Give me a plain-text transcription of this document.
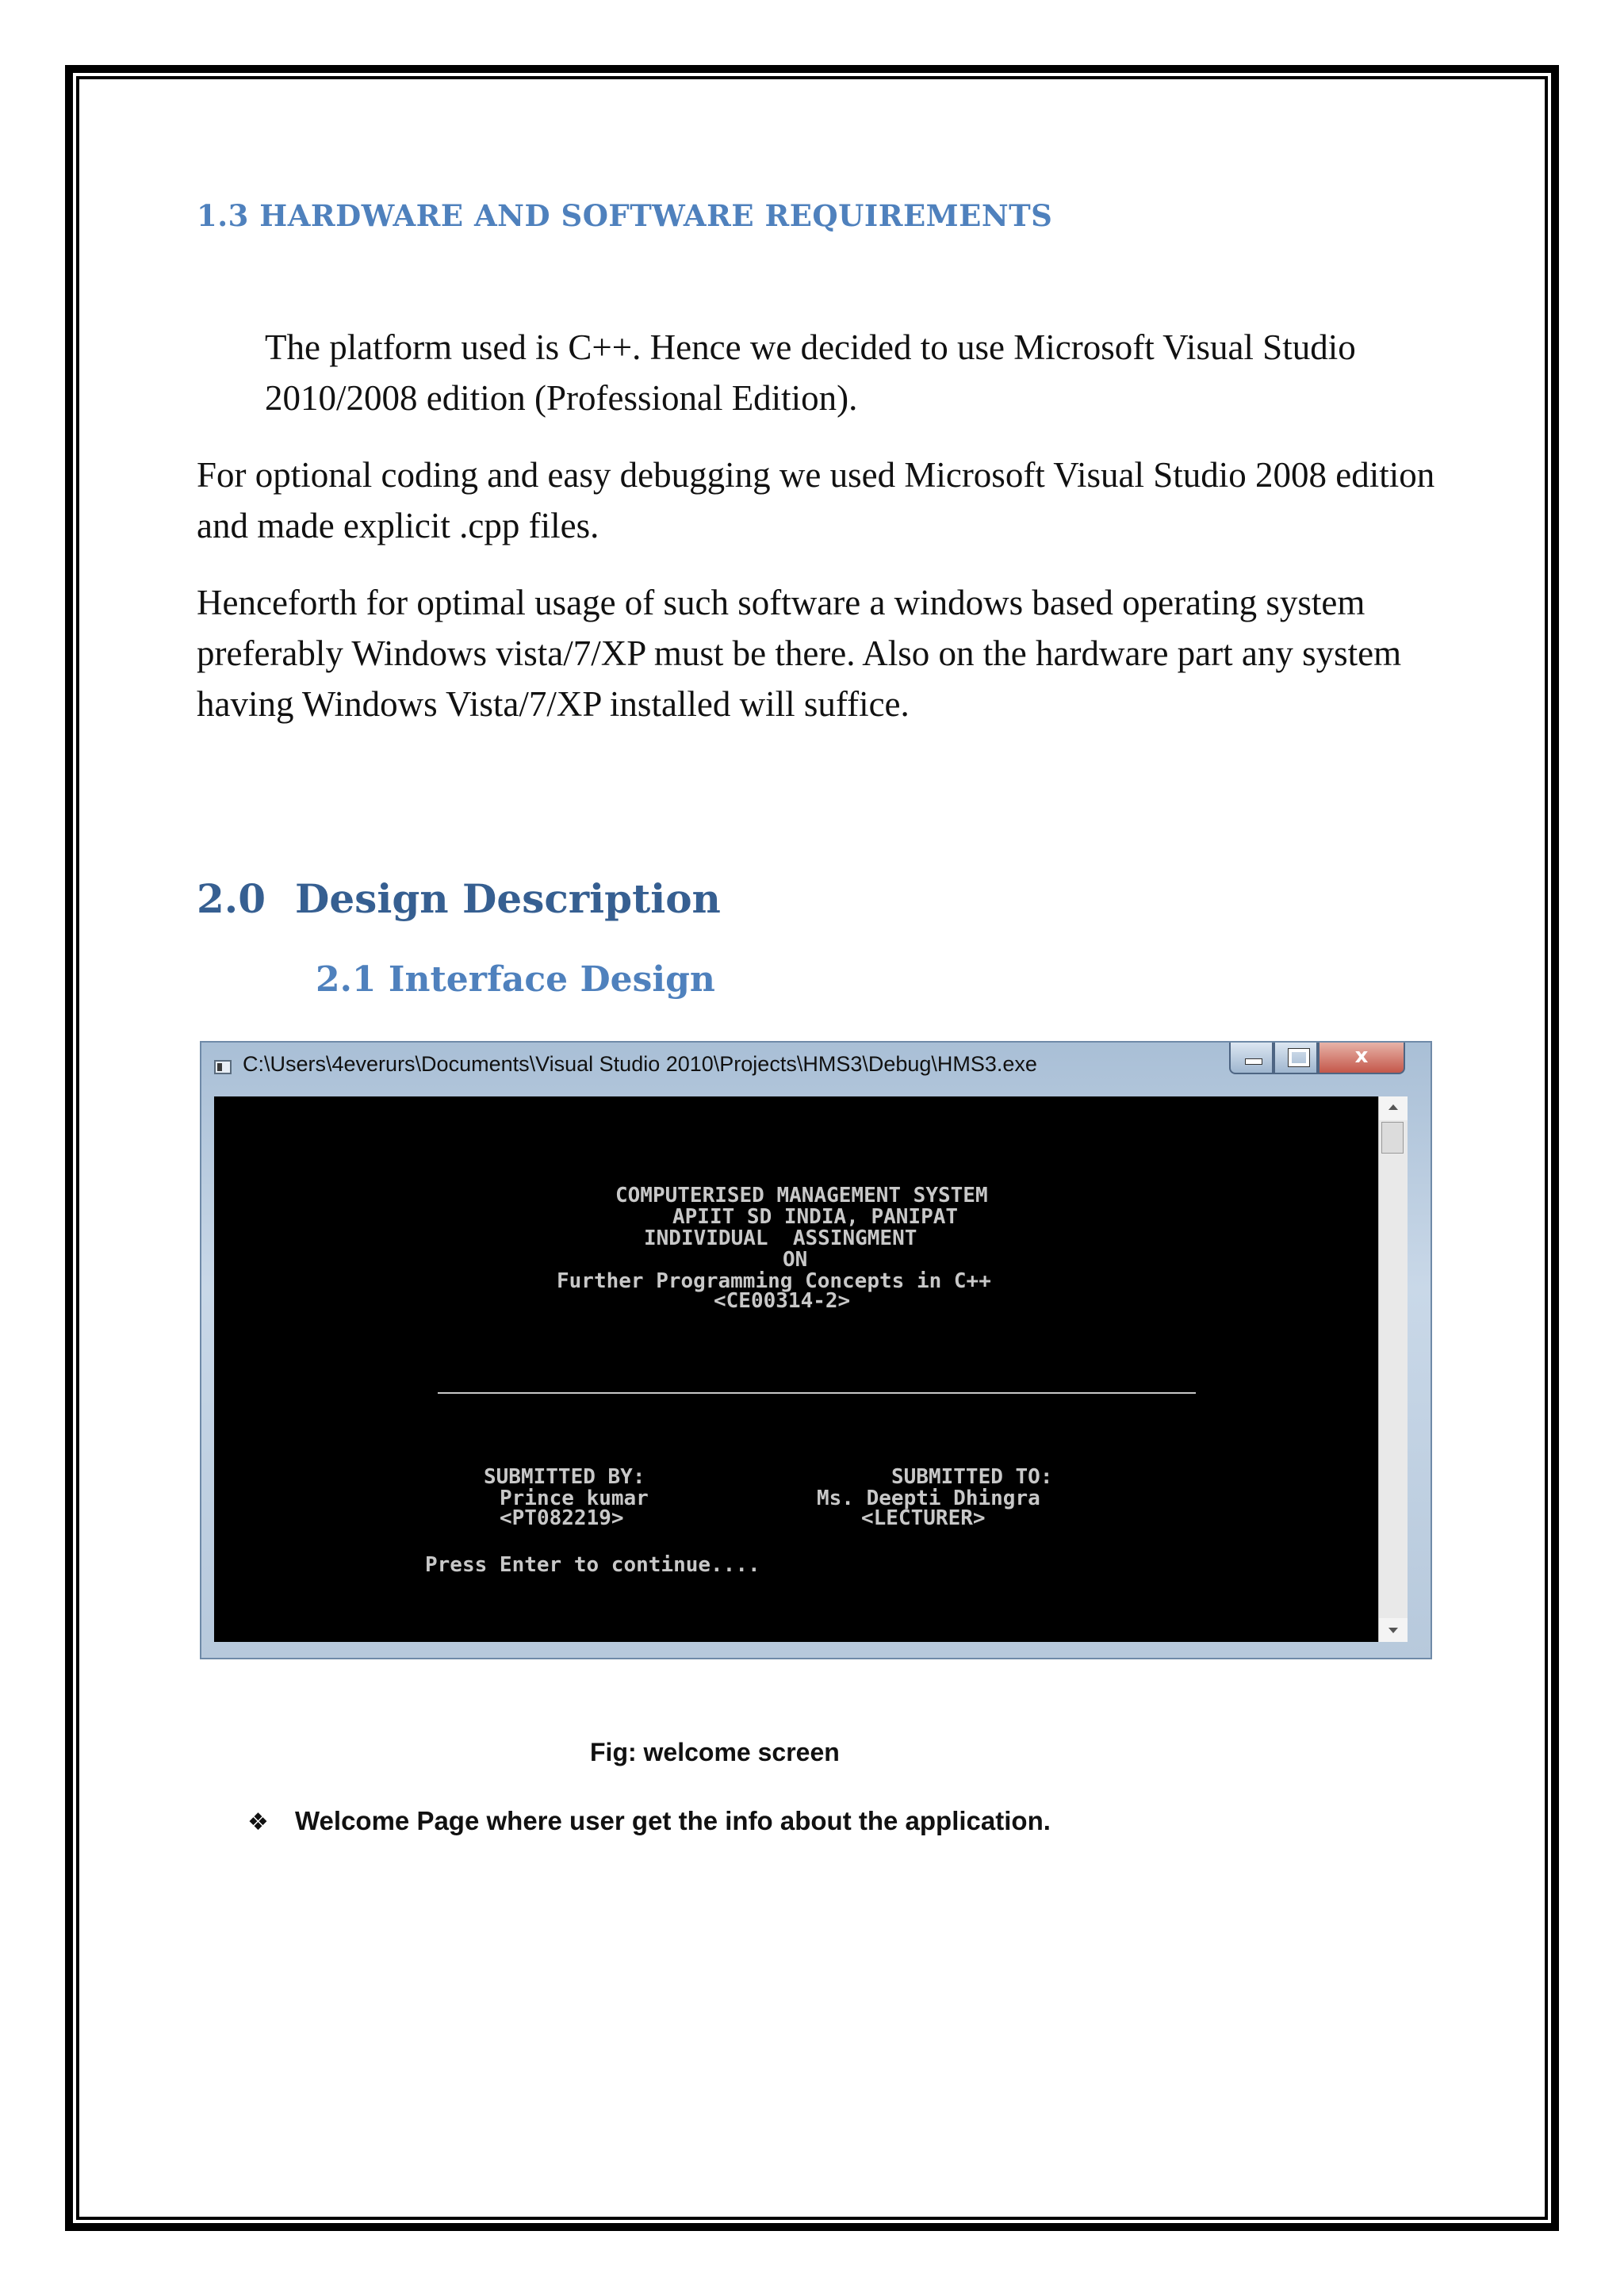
1.3 HARDWARE AND SOFTWARE REQUIREMENTS

The platform used is C++. Hence we decided to use Microsoft Visual Studio 2010/2008 edition (Professional Edition).

For optional coding and easy debugging we used Microsoft Visual Studio 2008 edition and made explicit .cpp files.

Henceforth for optimal usage of such software a windows based operating system preferably Windows vista/7/XP must be there. Also on the hardware part any system having Windows Vista/7/XP installed will suffice.

2.0 Design Description
2.1 Interface Design
C:\Users\4everurs\Documents\Visual Studio 2010\Projects\HMS3\Debug\HMS3.exe	x
COMPUTERISED MANAGEMENT SYSTEM
APIIT SD INDIA, PANIPAT
INDIVIDUAL  ASSINGMENT
ON
Further Programming Concepts in C++
<CE00314-2>
SUBMITTED BY:
Prince kumar
<PT082219>
SUBMITTED TO:
Ms. Deepti Dhingra
<LECTURER>
Press Enter to continue....

Fig: welcome screen

❖ Welcome Page where user get the info about the application.
